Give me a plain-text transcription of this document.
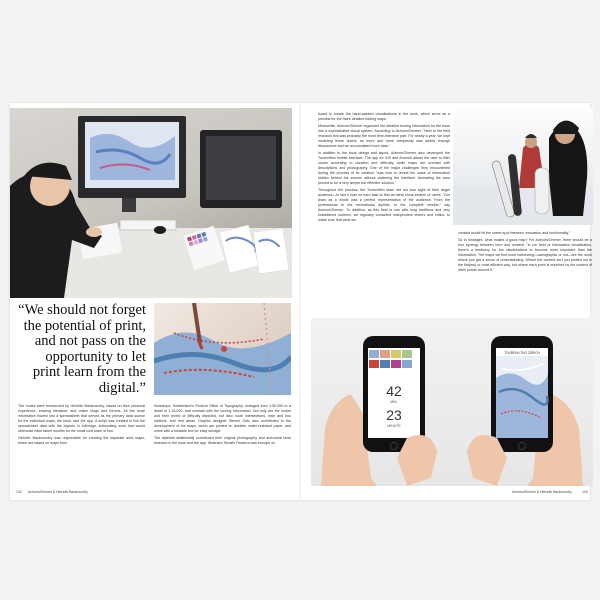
“We should not forget the potential of print, and not pass on the opportunity to let print learn from the digital.”

The routes were researched by Helvetic Backcountry, based on their personal experience, existing literature, and online blogs and forums. All the route information flowed into a spreadsheet that served as the primary data source for the individual maps, the book, and the app. A script was created to link the spreadsheet data with the layouts in InDesign, automating work that would otherwise have taken months for the small core team of four.

Helvetic Backcountry was responsible for creating the separate area maps, which are based on maps from

Swisstopo, Switzerland's Federal Office of Topography, enlarged from 1:50,000 to a detail of 1:15,000, and overlaid with the touring information. Not only are the routes and their levels of difficulty depicted, but also route intersections, train and bus stations, and rest areas. Graphic designer Steven Götz also contributed to the development of the maps, which are printed on durable, water-resistant paper, and come with a foldable box for easy storage.

The alpinists additionally contributed their original photography and anecdotal texts included in the book and the app. Illustrator Serafin Pazdera was brought on

board to create the hand-painted visualizations in the book, which serve as a preview for the more detailed folding maps.

Meanwhile, Actnom/Zimmer organized the detailed touring information for the book into a sophisticated visual system. According to Actnom/Zimmer, "Next to the field research this was probably the most time-intensive part. For nearly a year, we kept modeling these charts, as more and more complexity was added through discussions and we accumulated more data."

In addition to the book design and layout, Actnom/Zimmer also developed the Tourenlitho mobile interface. The app for iOS and Android allows the user to filter routes according to duration and difficulty, while maps are overlaid with descriptions and photography. One of the major challenges they encountered during the process of its creation "was how to reveal the mass of information hidden behind the scenes without cluttering the interface. Animating the area proved to be a very simple but effective solution."

Throughout the process, the Tourenlitho team did not lose sight of their target audience—in fact it was no hard task to find an ideal cross-section of users: "Our team as a whole was a perfect representation of the audience. From the professional to the recreational alpinist, to the complete newbie," say Actnom/Zimmer. "In addition, as this field is one with long traditions and very established routines, we regularly consulted independent testers and critics, to make sure that what we

created would hit the sweet spot between innovation and functionality."

So in hindsight, what makes a good map? For Actnom/Zimmer, there should be a true synergy between form and content: "In our field of information visualization, there's a tendency for the visualizations to become more important than the information. The maps we find most interesting—cartographic or not—are the ones where you get a sense of understanding. Where the content isn't just plotted out in the flat(est) or most efficient way, but where each point is enriched by the context of other points around it."

42
MIN.
23
MINUTE
TOURENLITHO ZÜRICH
142 Actnom/Zimmer & Helvetic Backcountry	Actnom/Zimmer & Helvetic Backcountry	143
